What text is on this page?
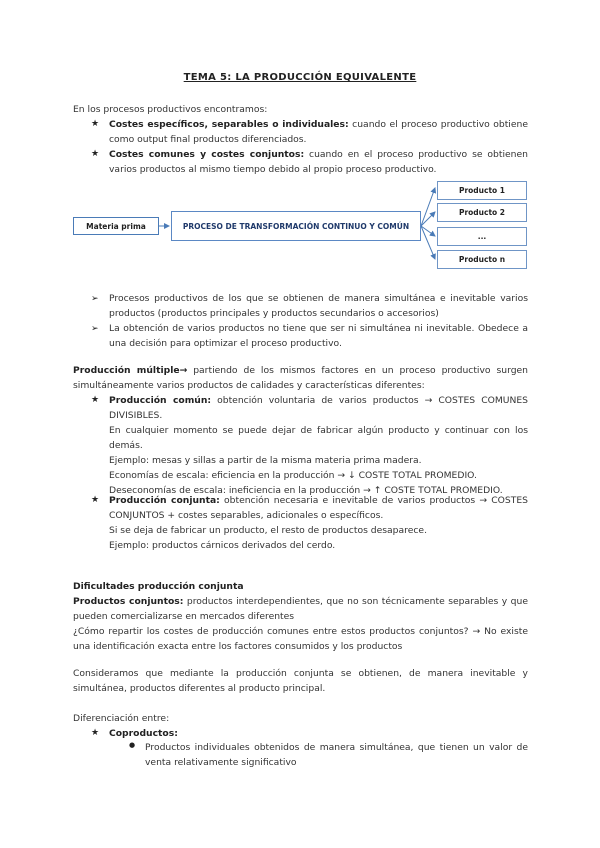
TEMA 5: LA PRODUCCIÓN EQUIVALENTE

En los procesos productivos encontramos:

★ Costes específicos, separables o individuales: cuando el proceso productivo obtiene como output final productos diferenciados.

★ Costes comunes y costes conjuntos: cuando en el proceso productivo se obtienen varios productos al mismo tiempo debido al propio proceso productivo.

Materia prima	PROCESO DE TRANSFORMACIÓN CONTINUO Y COMÚN
Producto 1
Producto 2
...
Producto n
➢ Procesos productivos de los que se obtienen de manera simultánea e inevitable varios productos (productos principales y productos secundarios o accesorios)

➢ La obtención de varios productos no tiene que ser ni simultánea ni inevitable. Obedece a una decisión para optimizar el proceso productivo.

Producción múltiple→ partiendo de los mismos factores en un proceso productivo surgen simultáneamente varios productos de calidades y características diferentes:

★ Producción común: obtención voluntaria de varios productos → COSTES COMUNES DIVISIBLES.
En cualquier momento se puede dejar de fabricar algún producto y continuar con los demás.
Ejemplo: mesas y sillas a partir de la misma materia prima madera.
Economías de escala: eficiencia en la producción → ↓ COSTE TOTAL PROMEDIO.
Deseconomías de escala: ineficiencia en la producción → ↑ COSTE TOTAL PROMEDIO.
★ Producción conjunta: obtención necesaria e inevitable de varios productos → COSTES CONJUNTOS + costes separables, adicionales o específicos.
Si se deja de fabricar un producto, el resto de productos desaparece.
Ejemplo: productos cárnicos derivados del cerdo.

Dificultades producción conjunta

Productos conjuntos: productos interdependientes, que no son técnicamente separables y que pueden comercializarse en mercados diferentes

¿Cómo repartir los costes de producción comunes entre estos productos conjuntos? → No existe una identificación exacta entre los factores consumidos y los productos

Consideramos que mediante la producción conjunta se obtienen, de manera inevitable y simultánea, productos diferentes al producto principal.

Diferenciación entre:

★ Coproductos:

● Productos individuales obtenidos de manera simultánea, que tienen un valor de venta relativamente significativo
